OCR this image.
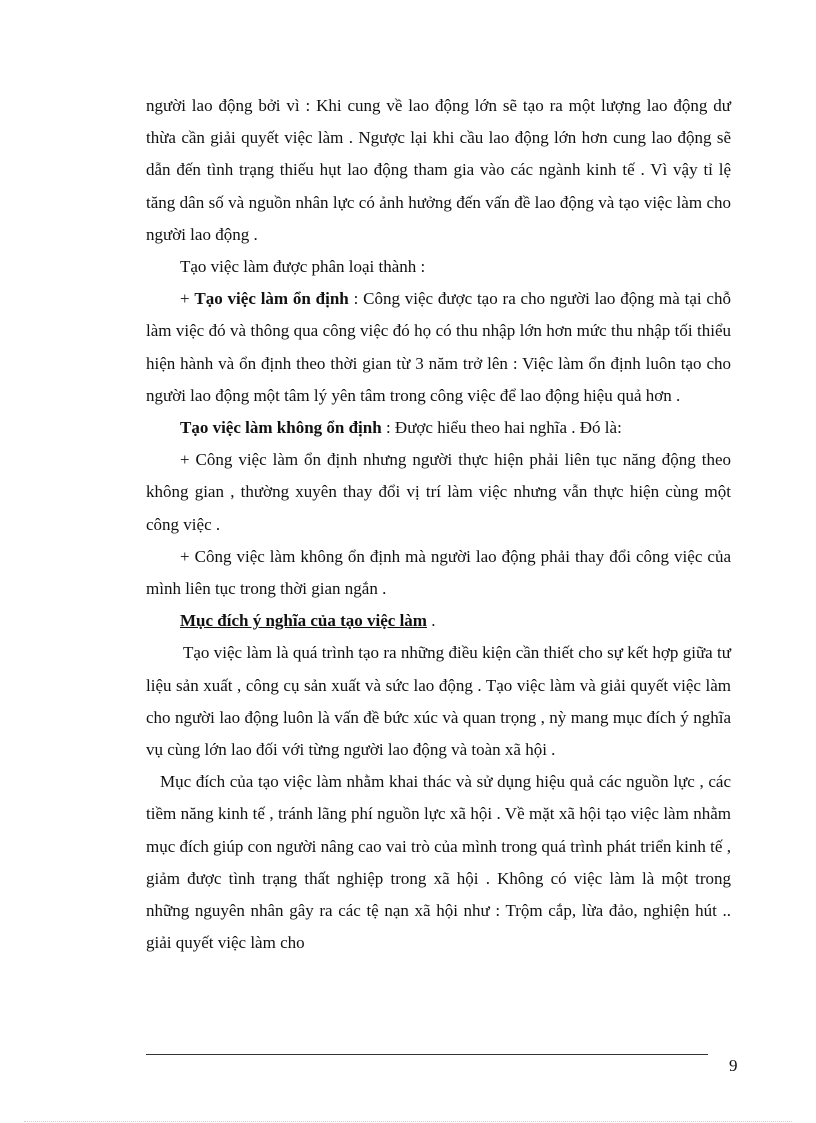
người lao động bởi vì : Khi cung về lao động lớn sẽ tạo ra một lượng lao động dư thừa cần giải quyết việc làm . Ngược lại khi cầu lao động lớn hơn cung lao động sẽ dẫn đến tình trạng thiếu hụt lao động tham gia vào các ngành kinh tế . Vì vậy tỉ lệ tăng dân số và nguồn nhân lực có ảnh hưởng đến vấn đề lao động và tạo việc làm cho người lao động .

Tạo việc làm được phân loại thành :

+ Tạo việc làm ổn định : Công việc được tạo ra cho người lao động mà tại chỗ làm việc đó và thông qua công việc đó họ có thu nhập lớn hơn mức thu nhập tối thiểu hiện hành và ổn định theo thời gian từ 3 năm trở lên : Việc làm ổn định luôn tạo cho người lao động một tâm lý yên tâm trong công việc để lao động hiệu quả hơn .

Tạo việc làm không ổn định : Được hiểu theo hai nghĩa . Đó là:

+ Công việc làm ổn định nhưng người thực hiện phải liên tục năng động theo không gian , thường xuyên thay đổi vị trí làm việc nhưng vẫn thực hiện cùng một công việc .

+ Công việc làm không ổn định mà người lao động phải thay đổi công việc của mình liên tục trong thời gian ngắn .

Mục đích ý nghĩa của tạo việc làm .

Tạo việc làm là quá trình tạo ra những điều kiện cần thiết cho sự kết hợp giữa tư liệu sản xuất , công cụ sản xuất và sức lao động . Tạo việc làm và giải quyết việc làm cho người lao động luôn là vấn đề bức xúc và quan trọng , nỳ mang mục đích ý nghĩa vụ cùng lớn lao đối với từng người lao động và toàn xã hội .

Mục đích của tạo việc làm nhằm khai thác và sử dụng hiệu quả các nguồn lực , các tiềm năng kinh tế , tránh lãng phí nguồn lực xã hội . Về mặt xã hội tạo việc làm nhằm mục đích giúp con người nâng cao vai trò của mình trong quá trình phát triển kinh tế , giảm được tình trạng thất nghiệp trong xã hội . Không có việc làm là một trong những nguyên nhân gây ra các tệ nạn xã hội như : Trộm cắp, lừa đảo, nghiện hút .. giải quyết việc làm cho

9
